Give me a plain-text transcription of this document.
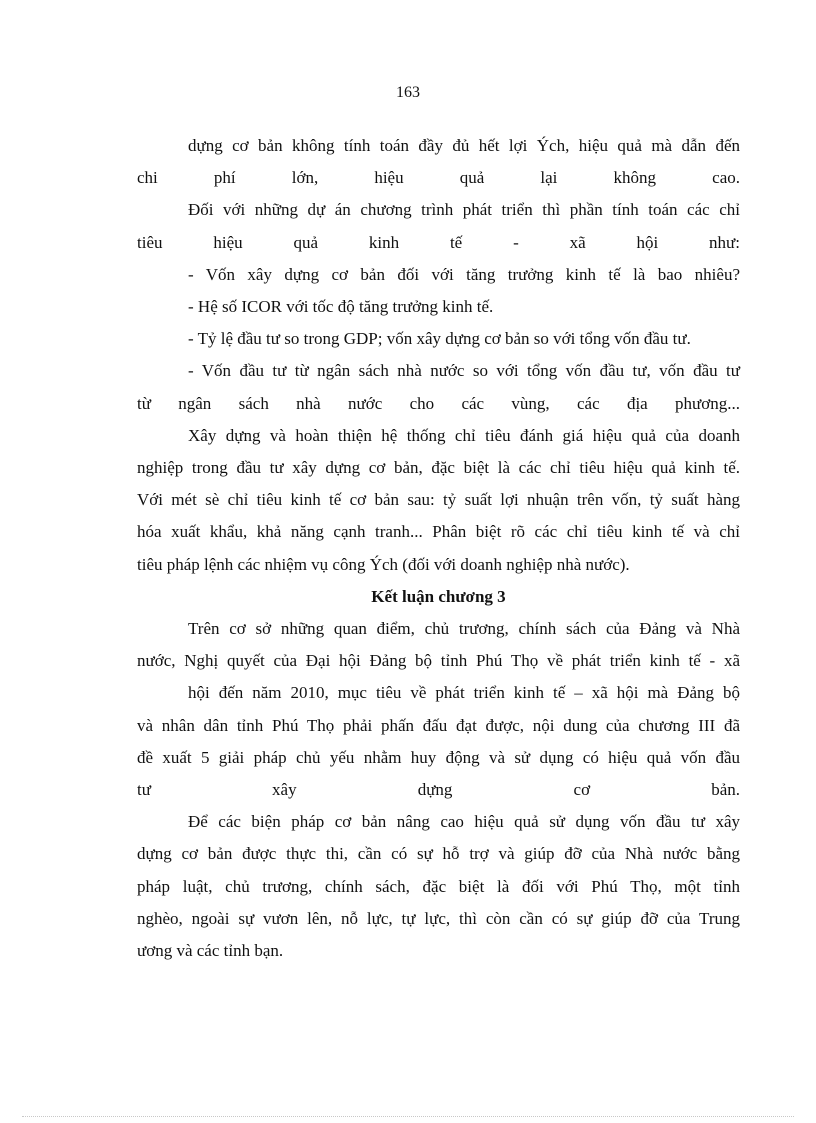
163

dựng cơ bản không tính toán đầy đủ hết lợi Ých, hiệu quả mà dẫn đến

chi phí lớn, hiệu quả lại không cao.

Đối với những dự án chương trình phát triển thì phần tính toán các chỉ

tiêu hiệu quả kinh tế - xã hội như:

- Vốn xây dựng cơ bản đối với tăng trưởng kinh tế là bao nhiêu?

- Hệ số ICOR với tốc độ tăng trưởng kinh tế.

- Tỷ lệ đầu tư so trong GDP; vốn xây dựng cơ bản so với tổng vốn đầu tư.

- Vốn đầu tư từ ngân sách nhà nước so với tổng vốn đầu tư, vốn đầu tư

từ ngân sách nhà nước cho các vùng, các địa phương...

Xây dựng và hoàn thiện hệ thống chỉ tiêu đánh giá hiệu quả của doanh

nghiệp trong đầu tư xây dựng cơ bản, đặc biệt là các chỉ tiêu hiệu quả kinh tế.

Với mét sè chỉ tiêu kinh tế cơ bản sau: tỷ suất lợi nhuận trên vốn, tỷ suất hàng

hóa xuất khẩu, khả năng cạnh tranh... Phân biệt rõ các chỉ tiêu kinh tế và chỉ

tiêu pháp lệnh các nhiệm vụ công Ých (đối với doanh nghiệp nhà nước).

Kết luận chương 3

Trên cơ sở những quan điểm, chủ trương, chính sách của Đảng và Nhà

nước, Nghị quyết của Đại hội Đảng bộ tỉnh Phú Thọ về phát triển kinh tế - xã

hội đến năm 2010, mục tiêu về phát triển kinh tế – xã hội mà Đảng bộ

và nhân dân tỉnh Phú Thọ phải phấn đấu đạt được, nội dung của chương III đã

đề xuất 5 giải pháp chủ yếu nhằm huy động và sử dụng có hiệu quả vốn đầu

tư xây dựng cơ bản.

Để các biện pháp cơ bản nâng cao hiệu quả sử dụng vốn đầu tư xây

dựng cơ bản được thực thi, cần có sự hỗ trợ và giúp đỡ của Nhà nước bằng

pháp luật, chủ trương, chính sách, đặc biệt là đối với Phú Thọ, một tỉnh

nghèo, ngoài sự vươn lên, nỗ lực, tự lực, thì còn cần có sự giúp đỡ của Trung

ương và các tỉnh bạn.
